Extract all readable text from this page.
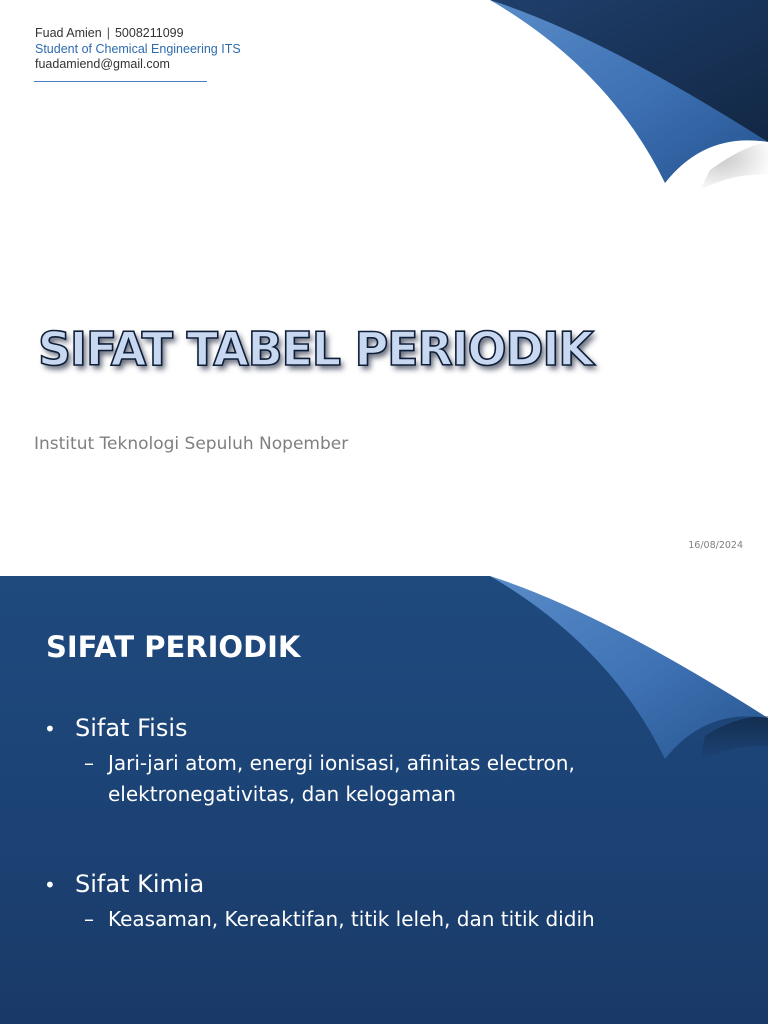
Fuad Amien | 5008211099
Student of Chemical Engineering ITS
fuadamiend@gmail.com
SIFAT TABEL PERIODIK
Institut Teknologi Sepuluh Nopember
16/08/2024
SIFAT PERIODIK
• Sifat Fisis
– Jari-jari atom, energi ionisasi, afinitas electron, elektronegativitas, dan kelogaman
• Sifat Kimia
– Keasaman, Kereaktifan, titik leleh, dan titik didih
